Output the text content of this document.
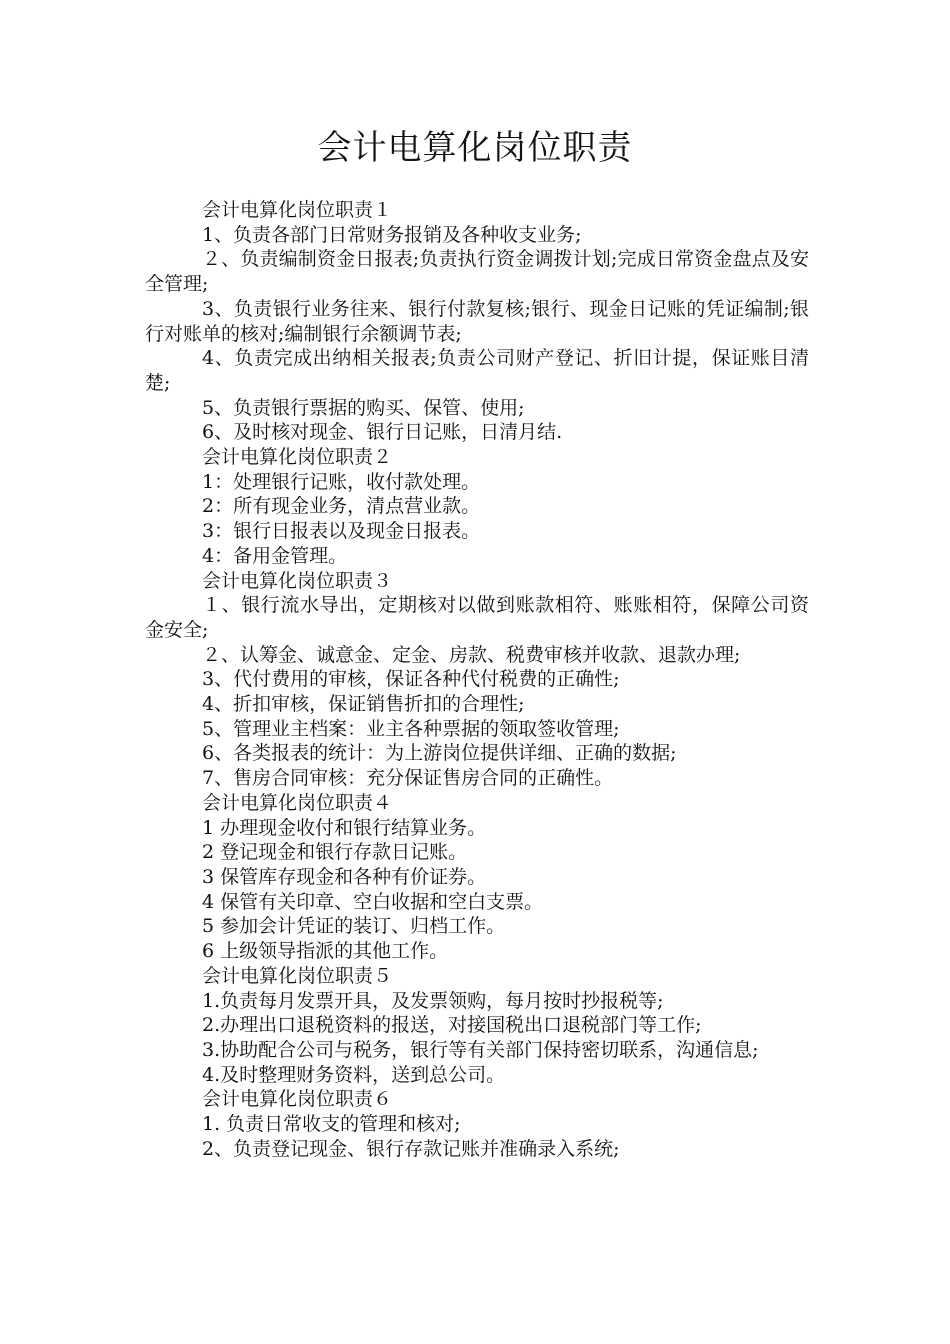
会计电算化岗位职责

会计电算化岗位职责１

1、负责各部门日常财务报销及各种收支业务;

２、负责编制资金日报表;负责执行资金调拨计划;完成日常资金盘点及安全管理;

3、负责银行业务往来、银行付款复核;银行、现金日记账的凭证编制;银行对账单的核对;编制银行余额调节表;

4、负责完成出纳相关报表;负责公司财产登记、折旧计提，保证账目清楚;

5、负责银行票据的购买、保管、使用;

6、及时核对现金、银行日记账，日清月结.

会计电算化岗位职责２

1：处理银行记账，收付款处理。

2：所有现金业务，清点营业款。

3：银行日报表以及现金日报表。

4：备用金管理。

会计电算化岗位职责３

１、银行流水导出，定期核对以做到账款相符、账账相符，保障公司资金安全;

２、认筹金、诚意金、定金、房款、税费审核并收款、退款办理;

3、代付费用的审核，保证各种代付税费的正确性;

4、折扣审核，保证销售折扣的合理性;

5、管理业主档案：业主各种票据的领取签收管理;

6、各类报表的统计：为上游岗位提供详细、正确的数据;

7、售房合同审核：充分保证售房合同的正确性。

会计电算化岗位职责４

1 办理现金收付和银行结算业务。

2 登记现金和银行存款日记账。

3 保管库存现金和各种有价证券。

4 保管有关印章、空白收据和空白支票。

5 参加会计凭证的装订、归档工作。

6 上级领导指派的其他工作。

会计电算化岗位职责５

1.负责每月发票开具，及发票领购，每月按时抄报税等;

2.办理出口退税资料的报送，对接国税出口退税部门等工作;

3.协助配合公司与税务，银行等有关部门保持密切联系，沟通信息;

4.及时整理财务资料，送到总公司。

会计电算化岗位职责６

1. 负责日常收支的管理和核对;

2、负责登记现金、银行存款记账并准确录入系统;
